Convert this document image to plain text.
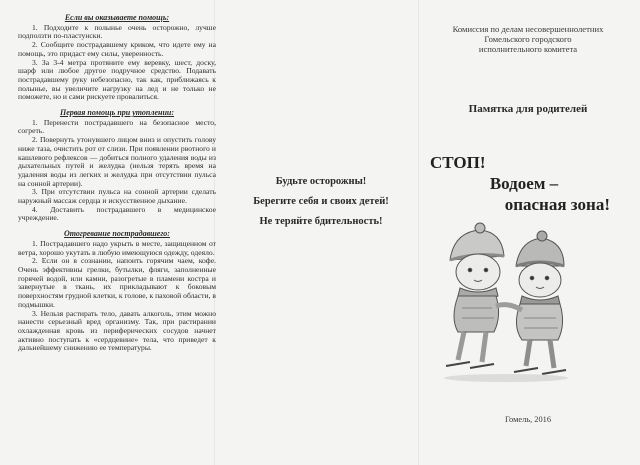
Если вы оказываете помощь:

1. Подходите к полынье очень осторожно, лучше подползти по-пластунски.

2. Сообщите пострадавшему криком, что идете ему на помощь, это придаст ему силы, уверенность.

3. За 3-4 метра протяните ему веревку, шест, доску, шарф или любое другое подручное средство. Подавать пострадавшему руку небезопасно, так как, приближаясь к полынье, вы увеличите нагрузку на лед и не только не поможете, но и сами рискуете провалиться.

Первая помощь при утоплении:

1. Перенести пострадавшего на безопасное место, согреть.

2. Повернуть утонувшего лицом вниз и опустить голову ниже таза, очистить рот от слизи. При появлении рвотного и кашлевого рефлексов — добиться полного удаления воды из дыхательных путей и желудка (нельзя терять время на удаления воды из легких и желудка при отсутствии пульса на сонной артерии).

3. При отсутствии пульса на сонной артерии сделать наружный массаж сердца и искусственное дыхание.

4. Доставить пострадавшего в медицинское учреждение.

Отогревание пострадавшего:

1. Пострадавшего надо укрыть в месте, защищенном от ветра, хорошо укутать в любую имеющуюся одежду, одеяло.

2. Если он в сознании, напоить горячим чаем, кофе. Очень эффективны грелки, бутылки, фляги, заполненные горячей водой, или камни, разогретые в пламени костра и завернутые в ткань, их прикладывают к боковым поверхностям грудной клетки, к голове, к паховой области, в подмышки.

3. Нельзя растирать тело, давать алкоголь, этим можно нанести серьезный вред организму. Так, при растирании охлажденная кровь из периферических сосудов начнет активно поступать к «сердцевине» тела, что приведет к дальнейшему снижению ее температуры.

Будьте осторожны!
Берегите себя и своих детей!
Не теряйте бдительность!
Комиссия по делам несовершеннолетних
Гомельского городского
исполнительного комитета
Памятка для родителей
СТОП!
Водоем –
опасная зона!
Гомель, 2016
